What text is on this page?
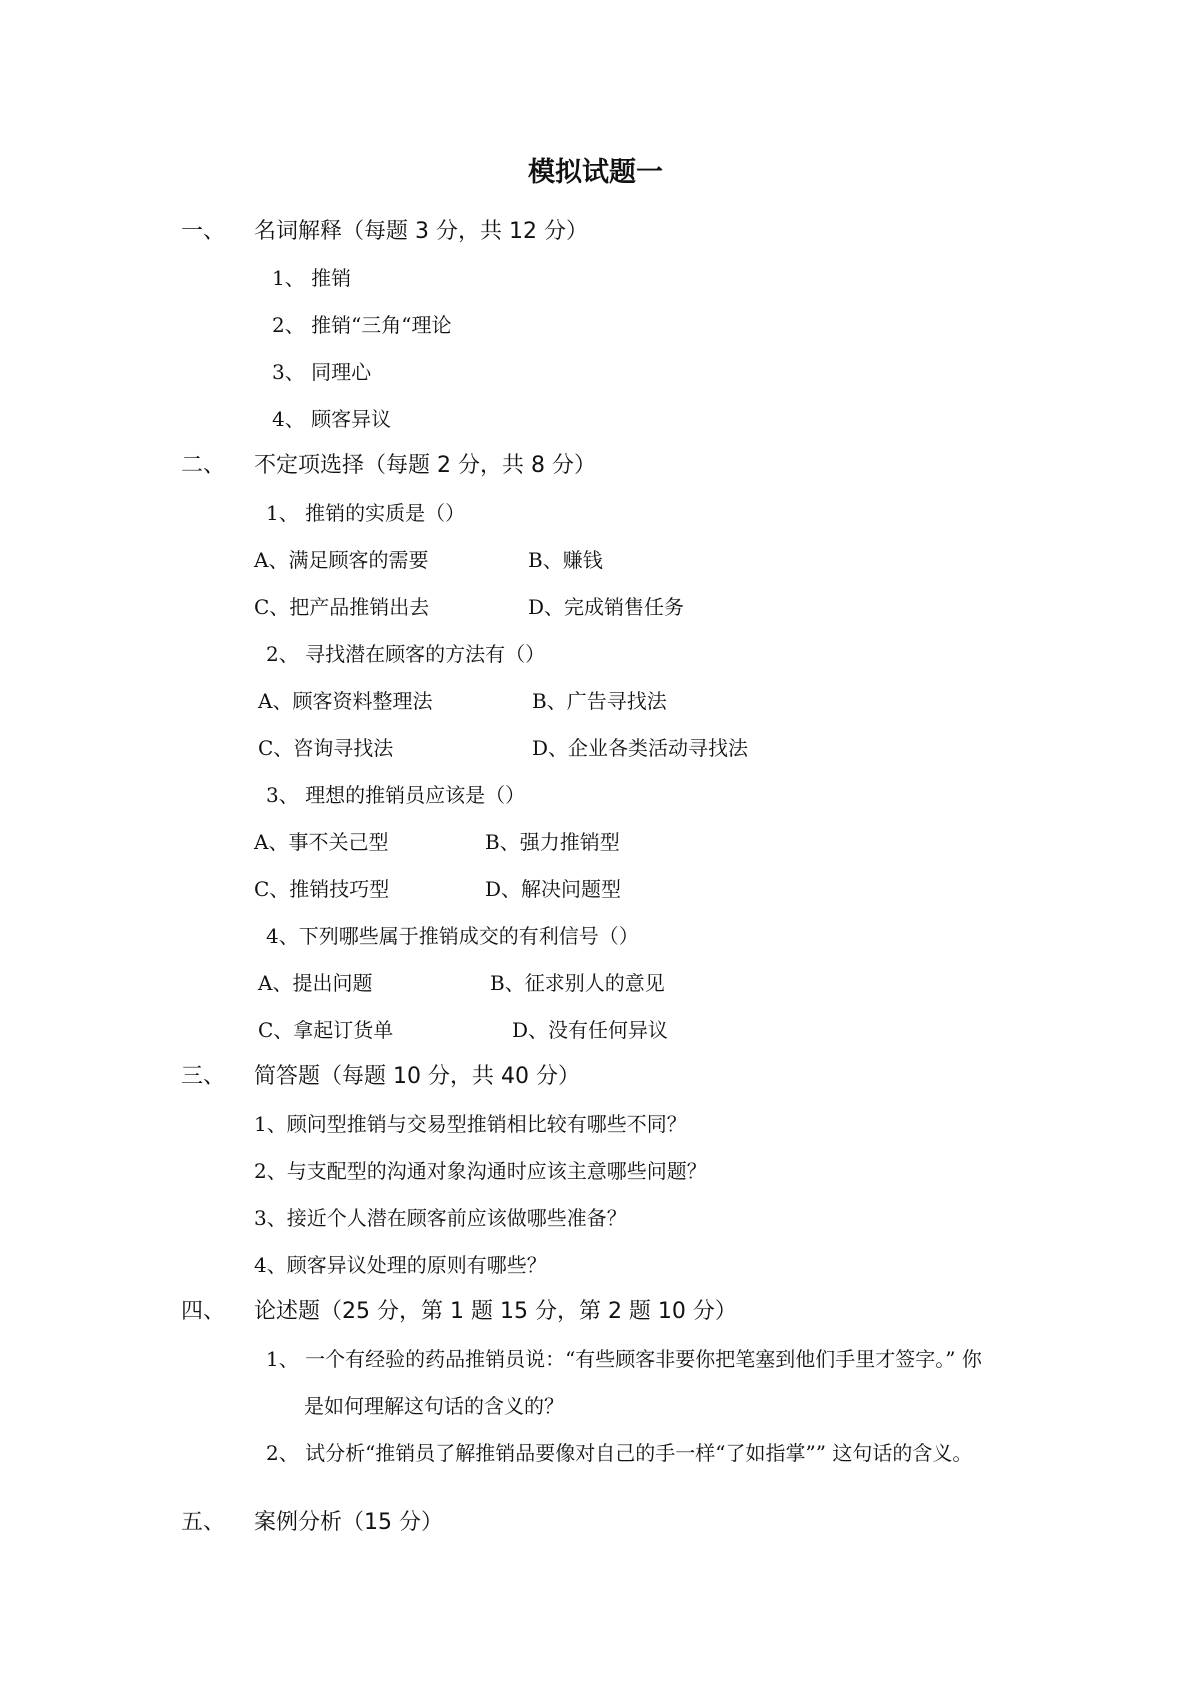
模拟试题一
一、 名词解释（每题 3 分，共 12 分）
1、 推销
2、 推销“三角“理论
3、 同理心
4、 顾客异议
二、 不定项选择（每题 2 分，共 8 分）
1、 推销的实质是（）
A、满足顾客的需要	B、赚钱
C、把产品推销出去	D、完成销售任务
2、 寻找潜在顾客的方法有（）
A、顾客资料整理法	B、广告寻找法
C、咨询寻找法	D、企业各类活动寻找法
3、 理想的推销员应该是（）
A、事不关己型	B、强力推销型
C、推销技巧型	D、解决问题型
4、下列哪些属于推销成交的有利信号（）
A、提出问题	B、征求别人的意见
C、拿起订货单	D、没有任何异议
三、 简答题（每题 10 分，共 40 分）
1、顾问型推销与交易型推销相比较有哪些不同？
2、与支配型的沟通对象沟通时应该主意哪些问题？
3、接近个人潜在顾客前应该做哪些准备？
4、顾客异议处理的原则有哪些？
四、 论述题（25 分，第 1 题 15 分，第 2 题 10 分）
1、 一个有经验的药品推销员说：“有些顾客非要你把笔塞到他们手里才签字。” 你
是如何理解这句话的含义的？
2、 试分析“推销员了解推销品要像对自己的手一样“了如指掌”” 这句话的含义。
五、 案例分析（15 分）
